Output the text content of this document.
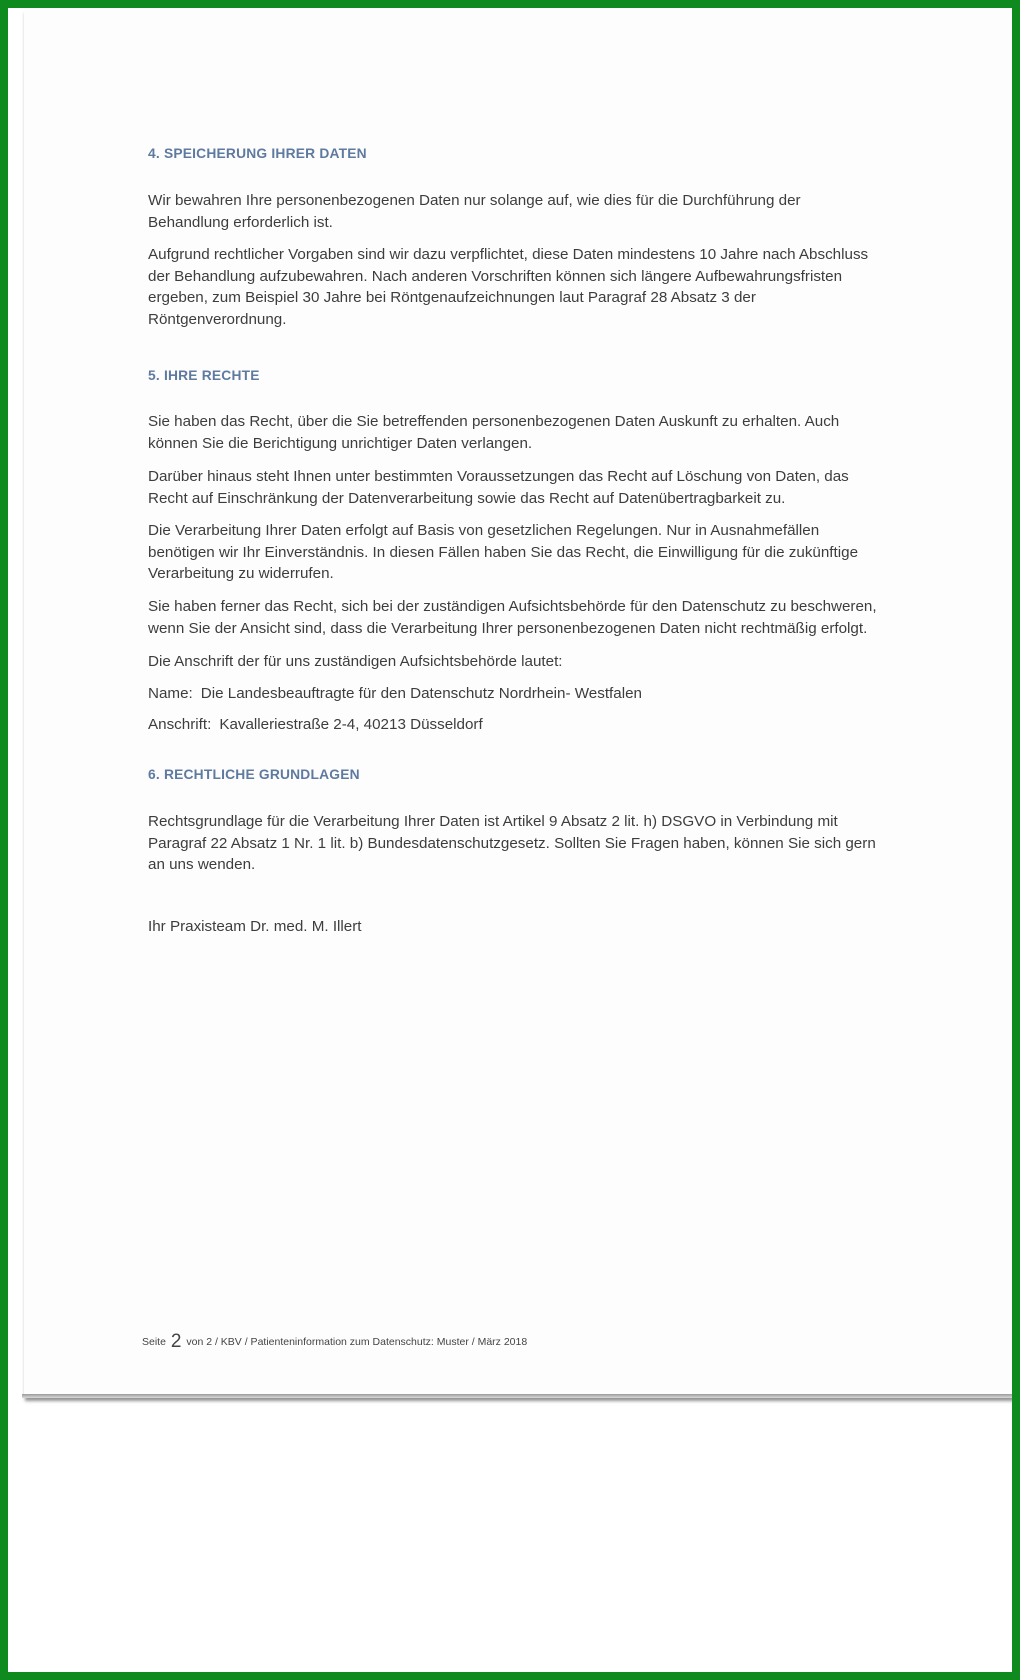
4. SPEICHERUNG IHRER DATEN

Wir bewahren Ihre personenbezogenen Daten nur solange auf, wie dies für die Durchführung der
Behandlung erforderlich ist.

Aufgrund rechtlicher Vorgaben sind wir dazu verpflichtet, diese Daten mindestens 10 Jahre nach Abschluss
der Behandlung aufzubewahren. Nach anderen Vorschriften können sich längere Aufbewahrungsfristen
ergeben, zum Beispiel 30 Jahre bei Röntgenaufzeichnungen laut Paragraf 28 Absatz 3 der
Röntgenverordnung.

5. IHRE RECHTE

Sie haben das Recht, über die Sie betreffenden personenbezogenen Daten Auskunft zu erhalten. Auch
können Sie die Berichtigung unrichtiger Daten verlangen.

Darüber hinaus steht Ihnen unter bestimmten Voraussetzungen das Recht auf Löschung von Daten, das
Recht auf Einschränkung der Datenverarbeitung sowie das Recht auf Datenübertragbarkeit zu.

Die Verarbeitung Ihrer Daten erfolgt auf Basis von gesetzlichen Regelungen. Nur in Ausnahmefällen
benötigen wir Ihr Einverständnis. In diesen Fällen haben Sie das Recht, die Einwilligung für die zukünftige
Verarbeitung zu widerrufen.

Sie haben ferner das Recht, sich bei der zuständigen Aufsichtsbehörde für den Datenschutz zu beschweren,
wenn Sie der Ansicht sind, dass die Verarbeitung Ihrer personenbezogenen Daten nicht rechtmäßig erfolgt.

Die Anschrift der für uns zuständigen Aufsichtsbehörde lautet:

Name: Die Landesbeauftragte für den Datenschutz Nordrhein- Westfalen

Anschrift: Kavalleriestraße 2-4, 40213 Düsseldorf

6. RECHTLICHE GRUNDLAGEN

Rechtsgrundlage für die Verarbeitung Ihrer Daten ist Artikel 9 Absatz 2 lit. h) DSGVO in Verbindung mit
Paragraf 22 Absatz 1 Nr. 1 lit. b) Bundesdatenschutzgesetz. Sollten Sie Fragen haben, können Sie sich gern
an uns wenden.

Ihr Praxisteam Dr. med. M. Illert

Seite 2 von 2 / KBV / Patienteninformation zum Datenschutz: Muster / März 2018
